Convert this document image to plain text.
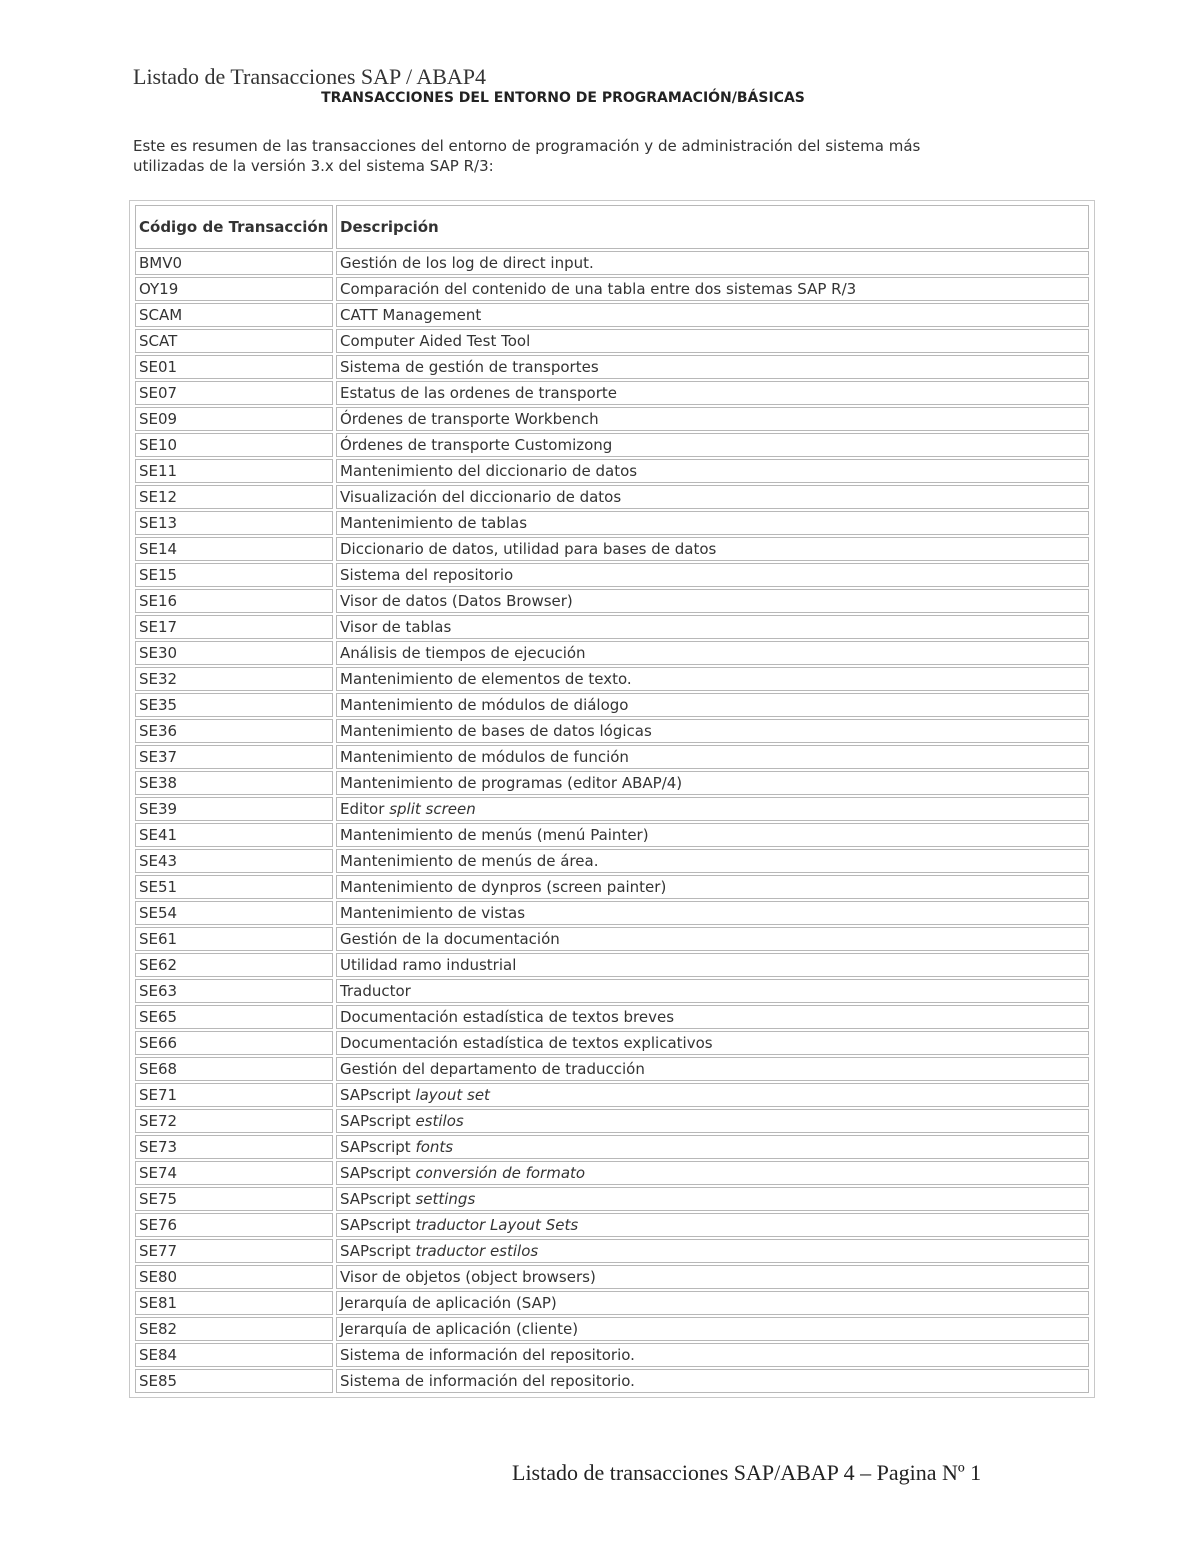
Listado de Transacciones SAP / ABAP4
TRANSACCIONES DEL ENTORNO DE PROGRAMACIÓN/BÁSICAS
Este es resumen de las transacciones del entorno de programación y de administración del sistema más utilizadas de la versión 3.x del sistema SAP R/3:
Código de Transacción	Descripción
BMV0	Gestión de los log de direct input.
OY19	Comparación del contenido de una tabla entre dos sistemas SAP R/3
SCAM	CATT Management
SCAT	Computer Aided Test Tool
SE01	Sistema de gestión de transportes
SE07	Estatus de las ordenes de transporte
SE09	Órdenes de transporte Workbench
SE10	Órdenes de transporte Customizong
SE11	Mantenimiento del diccionario de datos
SE12	Visualización del diccionario de datos
SE13	Mantenimiento de tablas
SE14	Diccionario de datos, utilidad para bases de datos
SE15	Sistema del repositorio
SE16	Visor de datos (Datos Browser)
SE17	Visor de tablas
SE30	Análisis de tiempos de ejecución
SE32	Mantenimiento de elementos de texto.
SE35	Mantenimiento de módulos de diálogo
SE36	Mantenimiento de bases de datos lógicas
SE37	Mantenimiento de módulos de función
SE38	Mantenimiento de programas (editor ABAP/4)
SE39	Editor split screen
SE41	Mantenimiento de menús (menú Painter)
SE43	Mantenimiento de menús de área.
SE51	Mantenimiento de dynpros (screen painter)
SE54	Mantenimiento de vistas
SE61	Gestión de la documentación
SE62	Utilidad ramo industrial
SE63	Traductor
SE65	Documentación estadística de textos breves
SE66	Documentación estadística de textos explicativos
SE68	Gestión del departamento de traducción
SE71	SAPscript layout set
SE72	SAPscript estilos
SE73	SAPscript fonts
SE74	SAPscript conversión de formato
SE75	SAPscript settings
SE76	SAPscript traductor Layout Sets
SE77	SAPscript traductor estilos
SE80	Visor de objetos (object browsers)
SE81	Jerarquía de aplicación (SAP)
SE82	Jerarquía de aplicación (cliente)
SE84	Sistema de información del repositorio.
SE85	Sistema de información del repositorio.
Listado de transacciones SAP/ABAP 4 – Pagina Nº 1
